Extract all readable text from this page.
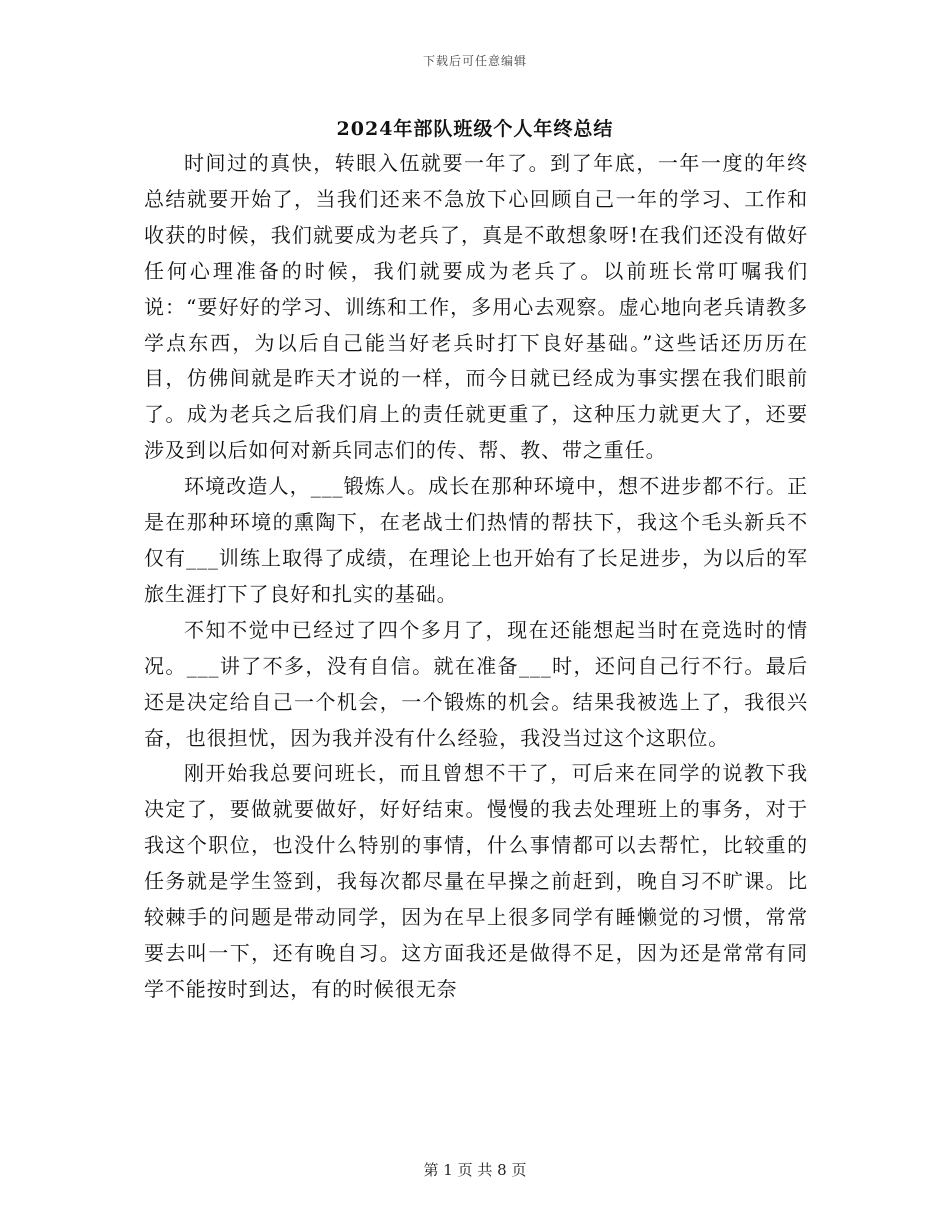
下载后可任意编辑
2024年部队班级个人年终总结

时间过的真快，转眼入伍就要一年了。到了年底，一年一度的年终总结就要开始了，当我们还来不急放下心回顾自己一年的学习、工作和收获的时候，我们就要成为老兵了，真是不敢想象呀!在我们还没有做好任何心理准备的时候，我们就要成为老兵了。以前班长常叮嘱我们说：“要好好的学习、训练和工作，多用心去观察。虚心地向老兵请教多学点东西，为以后自己能当好老兵时打下良好基础。”这些话还历历在目，仿佛间就是昨天才说的一样，而今日就已经成为事实摆在我们眼前了。成为老兵之后我们肩上的责任就更重了，这种压力就更大了，还要涉及到以后如何对新兵同志们的传、帮、教、带之重任。

环境改造人，___锻炼人。成长在那种环境中，想不进步都不行。正是在那种环境的熏陶下，在老战士们热情的帮扶下，我这个毛头新兵不仅有___训练上取得了成绩，在理论上也开始有了长足进步，为以后的军旅生涯打下了良好和扎实的基础。

不知不觉中已经过了四个多月了，现在还能想起当时在竞选时的情况。___讲了不多，没有自信。就在准备___时，还问自己行不行。最后还是决定给自己一个机会，一个锻炼的机会。结果我被选上了，我很兴奋，也很担忧，因为我并没有什么经验，我没当过这个这职位。

刚开始我总要问班长，而且曾想不干了，可后来在同学的说教下我决定了，要做就要做好，好好结束。慢慢的我去处理班上的事务，对于我这个职位，也没什么特别的事情，什么事情都可以去帮忙，比较重的任务就是学生签到，我每次都尽量在早操之前赶到，晚自习不旷课。比较棘手的问题是带动同学，因为在早上很多同学有睡懒觉的习惯，常常要去叫一下，还有晚自习。这方面我还是做得不足，因为还是常常有同学不能按时到达，有的时候很无奈

第 1 页 共 8 页
